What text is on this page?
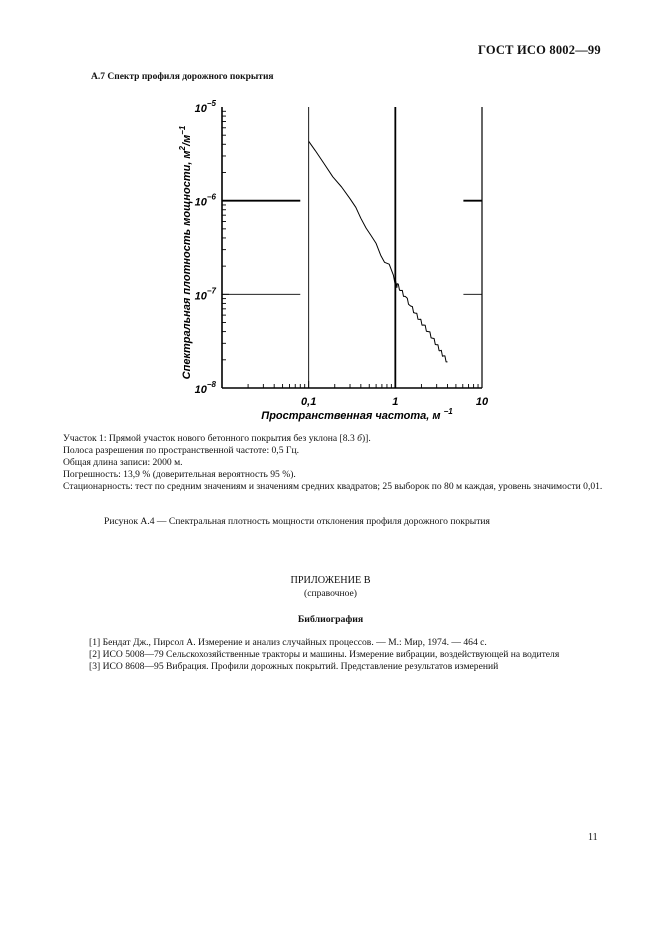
ГОСТ ИСО 8002—99
А.7 Спектр профиля дорожного покрытия
0,1	1	10
$10^{-5}$
$10^{-6}$
$10^{-7}$
$10^{-8}$
Пространственная частота, м $^{-1}$
Спектральная плотность мощности, $м^2/м^{-1}$
Участок 1: Прямой участок нового бетонного покрытия без уклона [8.3 б)].
Полоса разрешения по пространственной частоте: 0,5 Гц.
Общая длина записи: 2000 м.
Погрешность: 13,9 % (доверительная вероятность 95 %).
Стационарность: тест по средним значениям и значениям средних квадратов; 25 выборок по 80 м каждая, уровень значимости 0,01.
Рисунок А.4 — Спектральная плотность мощности отклонения профиля дорожного покрытия
ПРИЛОЖЕНИЕ В
(справочное)
Библиография
[1] Бендат Дж., Пирсол А. Измерение и анализ случайных процессов. — М.: Мир, 1974. — 464 с.
[2] ИСО 5008—79 Сельскохозяйственные тракторы и машины. Измерение вибрации, воздействующей на водителя
[3] ИСО 8608—95 Вибрация. Профили дорожных покрытий. Представление результатов измерений
11
